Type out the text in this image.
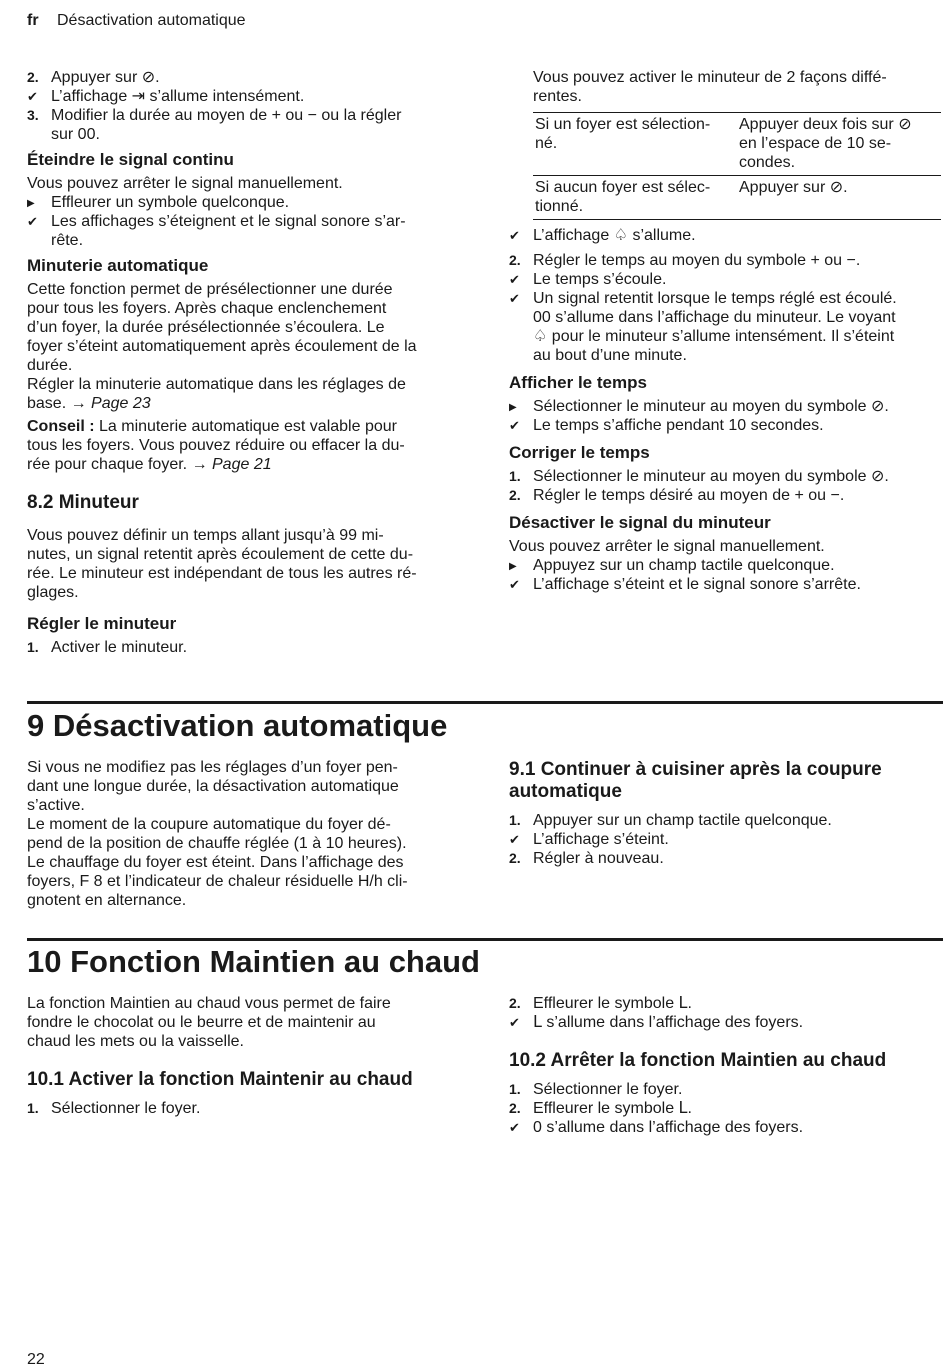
fr Désactivation automatique
2. Appuyer sur ⊘.
✔ L’affichage ⇥ s’allume intensément.
3. Modifier la durée au moyen de + ou − ou la régler
sur 00.
Éteindre le signal continu
Vous pouvez arrêter le signal manuellement.
▶	Effleurer un symbole quelconque.
✔ Les affichages s’éteignent et le signal sonore s’ar-
rête.
Minuterie automatique
Cette fonction permet de présélectionner une durée
pour tous les foyers. Après chaque enclenchement
d’un foyer, la durée présélectionnée s’écoulera. Le
foyer s’éteint automatiquement après écoulement de la
durée.
Régler la minuterie automatique dans les réglages de
base. → Page 23
Conseil : La minuterie automatique est valable pour
tous les foyers. Vous pouvez réduire ou effacer la du-
rée pour chaque foyer. → Page 21
8.2 Minuteur
Vous pouvez définir un temps allant jusqu’à 99 mi-
nutes, un signal retentit après écoulement de cette du-
rée. Le minuteur est indépendant de tous les autres ré-
glages.
Régler le minuteur
1. Activer le minuteur.
Vous pouvez activer le minuteur de 2 façons diffé-
rentes.
Si un foyer est sélection-
né.	Appuyer deux fois sur ⊘
en l’espace de 10 se-
condes.
Si aucun foyer est sélec-
tionné.	Appuyer sur ⊘.
✔ L’affichage ♤ s’allume.
2. Régler le temps au moyen du symbole + ou −.
✔ Le temps s’écoule.
✔ Un signal retentit lorsque le temps réglé est écoulé.
00 s’allume dans l’affichage du minuteur. Le voyant
♤ pour le minuteur s’allume intensément. Il s’éteint
au bout d’une minute.
Afficher le temps
▶	Sélectionner le minuteur au moyen du symbole ⊘.
✔ Le temps s’affiche pendant 10 secondes.
Corriger le temps
1. Sélectionner le minuteur au moyen du symbole ⊘.
2. Régler le temps désiré au moyen de + ou −.
Désactiver le signal du minuteur
Vous pouvez arrêter le signal manuellement.
▶	Appuyez sur un champ tactile quelconque.
✔ L’affichage s’éteint et le signal sonore s’arrête.
9 Désactivation automatique
Si vous ne modifiez pas les réglages d’un foyer pen-
dant une longue durée, la désactivation automatique
s’active.
Le moment de la coupure automatique du foyer dé-
pend de la position de chauffe réglée (1 à 10 heures).
Le chauffage du foyer est éteint. Dans l’affichage des
foyers, F 8 et l’indicateur de chaleur résiduelle H/h cli-
gnotent en alternance.
9.1 Continuer à cuisiner après la coupure
automatique
1. Appuyer sur un champ tactile quelconque.
✔ L’affichage s’éteint.
2. Régler à nouveau.
10 Fonction Maintien au chaud
La fonction Maintien au chaud vous permet de faire
fondre le chocolat ou le beurre et de maintenir au
chaud les mets ou la vaisselle.
10.1 Activer la fonction Maintenir au chaud
1. Sélectionner le foyer.
2. Effleurer le symbole ᒪ.
✔ ᒪ s’allume dans l’affichage des foyers.
10.2 Arrêter la fonction Maintien au chaud
1. Sélectionner le foyer.
2. Effleurer le symbole ᒪ.
✔ 0 s’allume dans l’affichage des foyers.
22
